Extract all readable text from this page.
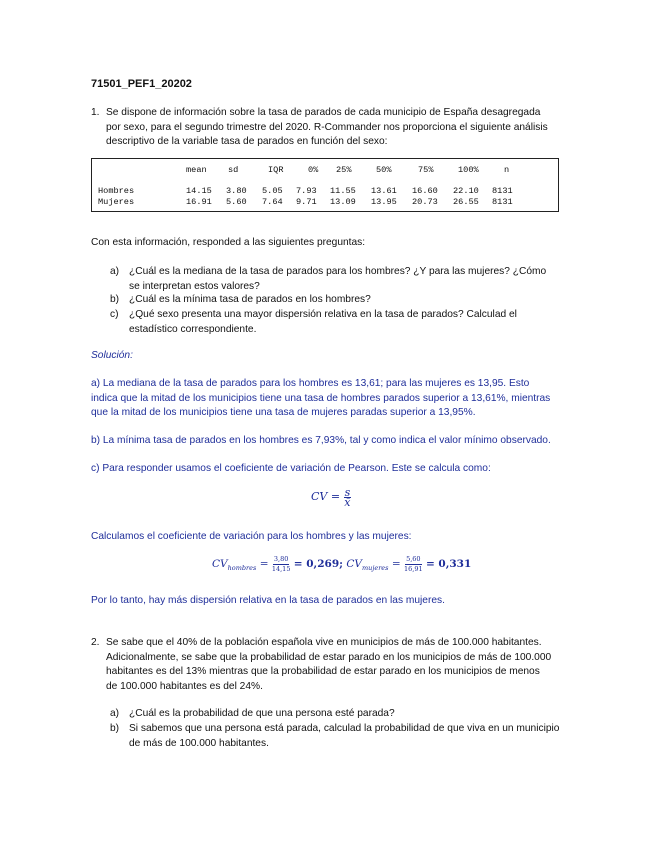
71501_PEF1_20202
1. Se dispone de información sobre la tasa de parados de cada municipio de España desagregada
por sexo, para el segundo trimestre del 2020. R-Commander nos proporciona el siguiente análisis
descriptivo de la variable tasa de parados en función del sexo:
mean sd	IQR	0% 25%	50%	75%	100%	n
Hombres	14.15 3.80 5.05 7.93 11.55 13.61 16.60 22.10 8131
Mujeres	16.91 5.60 7.64 9.71 13.09 13.95 20.73 26.55 8131
Con esta información, responded a las siguientes preguntas:
a) ¿Cuál es la mediana de la tasa de parados para los hombres? ¿Y para las mujeres? ¿Cómo
se interpretan estos valores?
b) ¿Cuál es la mínima tasa de parados en los hombres?
c) ¿Qué sexo presenta una mayor dispersión relativa en la tasa de parados? Calculad el
estadístico correspondiente.
Solución:
a) La mediana de la tasa de parados para los hombres es 13,61; para las mujeres es 13,95. Esto
indica que la mitad de los municipios tiene una tasa de hombres parados superior a 13,61%, mientras
que la mitad de los municipios tiene una tasa de mujeres paradas superior a 13,95%.
b) La mínima tasa de parados en los hombres es 7,93%, tal y como indica el valor mínimo observado.
c) Para responder usamos el coeficiente de variación de Pearson. Este se calcula como:
CV = $\frac{s}{x̄}$
Calculamos el coeficiente de variación para los hombres y las mujeres:
$CV_{hombres} = \frac{3,80}{14,15} = 0,269$; $CV_{mujeres} = \frac{5,60}{16,91} = 0,331$
Por lo tanto, hay más dispersión relativa en la tasa de parados en las mujeres.
2. Se sabe que el 40% de la población española vive en municipios de más de 100.000 habitantes.
Adicionalmente, se sabe que la probabilidad de estar parado en los municipios de más de 100.000
habitantes es del 13% mientras que la probabilidad de estar parado en los municipios de menos
de 100.000 habitantes es del 24%.
a) ¿Cuál es la probabilidad de que una persona esté parada?
b) Si sabemos que una persona está parada, calculad la probabilidad de que viva en un municipio
de más de 100.000 habitantes.
